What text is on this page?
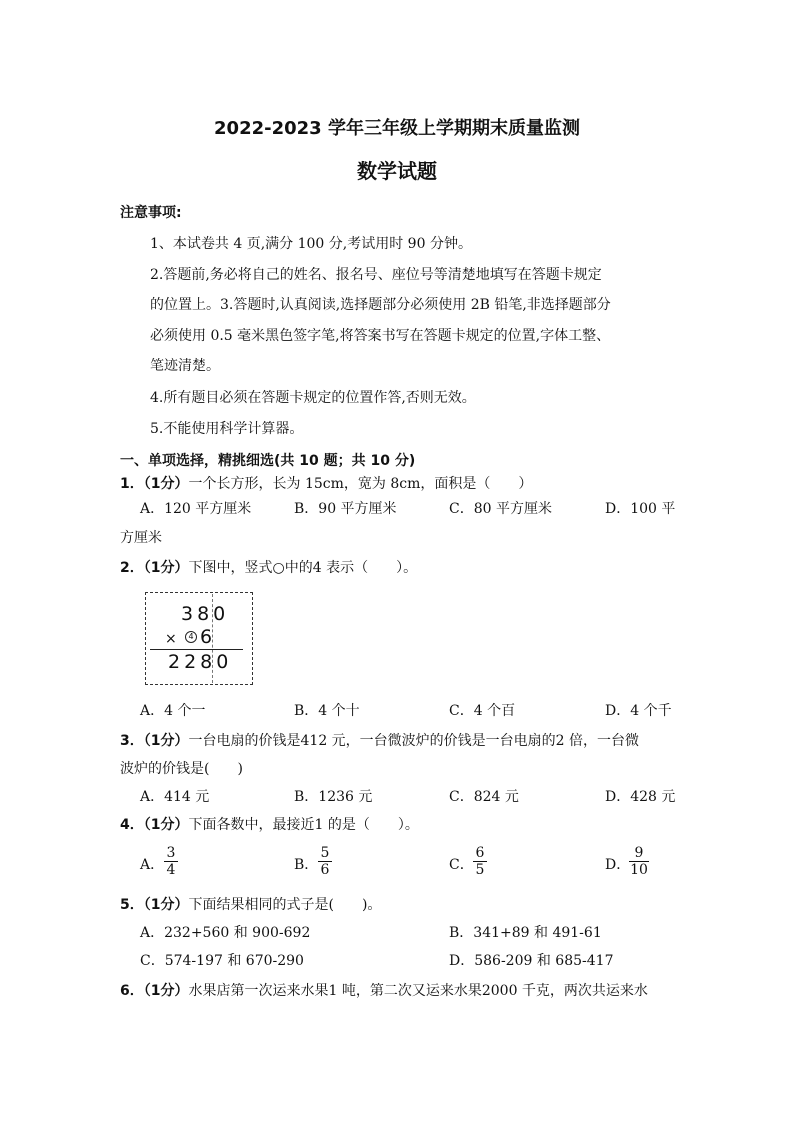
2022-2023 学年三年级上学期期末质量监测
数学试题
注意事项:
1、本试卷共 4 页,满分 100 分,考试用时 90 分钟。
2.答题前,务必将自己的姓名、报名号、座位号等清楚地填写在答题卡规定
的位置上。3.答题时,认真阅读,选择题部分必须使用 2B 铅笔,非选择题部分
必须使用 0.5 毫米黑色签字笔,将答案书写在答题卡规定的位置,字体工整、
笔迹清楚。
4.所有题目必须在答题卡规定的位置作答,否则无效。
5.不能使用科学计算器。
一、单项选择，精挑细选(共 10 题；共 10 分)
1．（1分）一个长方形，长为 15cm，宽为 8cm，面积是（　　）
A．120 平方厘米	B．90 平方厘米	C．80 平方厘米	D．100 平
方厘米
2．（1分）下图中，竖式○中的4 表示（　　）。
380
×	4 6
2280
A．4 个一	B．4 个十	C．4 个百	D．4 个千
3．（1分）一台电扇的价钱是412 元，一台微波炉的价钱是一台电扇的2 倍，一台微
波炉的价钱是(　　)
A．414 元	B．1236 元	C．824 元	D．428 元
4．（1分）下面各数中，最接近1 的是（　　）。
A． $\frac{3}{4}$	B． $\frac{5}{6}$	C． $\frac{6}{5}$	D．
$\frac{9}{10}$
5．（1分）下面结果相同的式子是(　　)。
A．232+560 和 900-692	B．341+89 和 491-61
C．574-197 和 670-290	D．586-209 和 685-417
6．（1分）水果店第一次运来水果1 吨，第二次又运来水果2000 千克，两次共运来水
